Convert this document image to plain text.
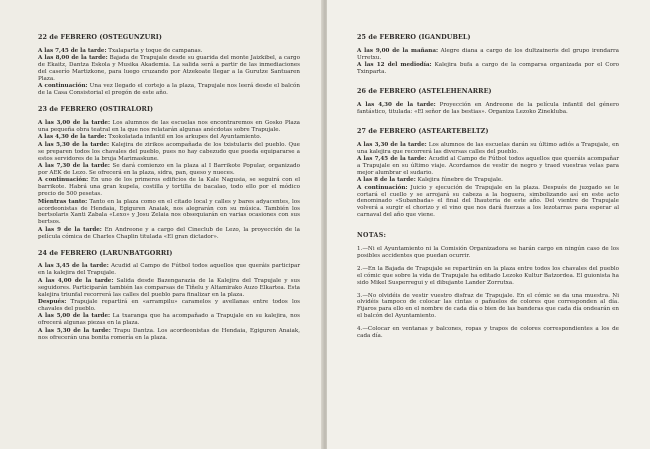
22 de FEBRERO (OSTEGUNZURI)
A las 7,45 de la tarde: Txalaparta y toque de campanas.
A las 8,00 de la tarde: Bajada de Trapujale desde su guarida del monte Jaizkibel, a cargo de Ekaitz, Dantza Eskola y Musika Akademia. La salida será a partir de las inmediaciones del caserío Martizkone, para luego cruzando por Atzekoate llegar a la Gurutze Santuaren Plaza.
A continuación: Una vez llegado el cortejo a la plaza, Trapujale nos leerá desde el balcón de la Casa Consistorial el pregón de este año.
23 de FEBRERO (OSTIRALORI)
A las 3,00 de la tarde: Los alumnos de las escuelas nos encontraremos en Gosko Plaza una pequeña obra teatral en la que nos relatarán algunas anécdotas sobre Trapujale.
A las 4,30 de la tarde: Txokolatada infantil en los arkupes del Ayuntamiento.
A las 5,30 de la tarde: Kalejira de zirikos acompañada de los txistularis del pueblo. Que se preparen todos los chavales del pueblo, pues no hay cabezudo que pueda equipararse a estos servidores de la bruja Marimaskune.
A las 7,30 de la tarde: Se dará comienzo en la plaza al I Barrikote Popular, organizado por AEK de Lezo. Se ofrecerá en la plaza, sidra, pan, queso y nueces.
A continuación: En uno de los primeros edificios de la Kale Nagusia, se seguirá con el barrikote. Habrá una gran kupela, costilla y tortilla de bacalao, todo ello por el módico precio de 500 pesetas.
Mientras tanto: Tanto en la plaza como en el citado local y calles y bares adyacentes, los acordeonistas de Hendaia, Egiguren Anaiak, nos alegrarán con su música. También los bertsolaris Xanti Zabala «Lexo» y Josu Zelaia nos obsequiarán en varias ocasiones con sus bertsos.
A las 9 de la tarde: En Andreone y a cargo del Cineclub de Lezo, la proyección de la película cómica de Charles Chaplin titulada «El gran dictador».
24 de FEBRERO (LARUNBATGORRI)
A las 3,45 de la tarde: Acudid al Campo de Fútbol todos aquellos que queráis participar en la kalejira del Trapujale.
A las 4,00 de la tarde: Salida desde Bazengarazia de la Kalejira del Trapujale y sus seguidores. Participarán también las comparsas de Tiñelu y Altamirako Auzo Elkartea. Esta kalejira triunfal recorrerá las calles del pueblo para finalizar en la plaza.
Después: Trapujale repartirá en «arrampilu» caramelos y avellanas entre todos los chavales del pueblo.
A las 5,00 de la tarde: La txaranga que ha acompañado a Trapujale en su kalejira, nos ofrecerá algunas piezas en la plaza.
A las 5,30 de la tarde: Trapu Dantza. Los acordeonistas de Hendaia, Egiguren Anaiak, nos ofrecerán una bonita romería en la plaza.
25 de FEBRERO (IGANDUBEL)
A las 9,00 de la mañana: Alegre diana a cargo de los dultzaineris del grupo irendarra Urretxu.
A las 12 del mediodía: Kalejira bufa a cargo de la comparsa organizada por el Coro Txinparta.
26 de FEBRERO (ASTELEHENARRE)
A las 4,30 de la tarde: Proyección en Andreone de la película infantil del género fantástico, titulada: «El señor de las bestias». Organiza Lezoko Zinekluba.
27 de FEBRERO (ASTEARTEBELTZ)
A las 3,30 de la tarde: Los alumnos de las escuelas darán su último adiós a Trapujale, en una kalejira que recorrerá las diversas calles del pueblo.
A las 7,45 de la tarde: Acudid al Campo de Fútbol todos aquellos que queráis acompañar a Trapujale en su último viaje. Acordamos de vestir de negro y traed vuestras velas para mejor alumbrar el sudario.
A las 8 de la tarde: Kalejira fúnebre de Trapujale.
A continuación: Juicio y ejecución de Trapujale en la plaza. Después de juzgado se le cortará el cuello y se arrojará su cabeza a la hoguera, simbolizando así en este acto denominado «Subanbada» el final del Ihauteria de este año. Del vientre de Trapujale volverá a surgir el chorizo y el vino que nos dará fuerzas a los lezotarras para esperar al carnaval del año que viene.
NOTAS:
1.—Ni el Ayuntamiento ni la Comisión Organizadora se harán cargo en ningún caso de los posibles accidentes que puedan ocurrir.
2.—En la Bajada de Trapujale se repartirán en la plaza entre todos los chavales del pueblo el cómic que sobre la vida de Trapujale ha editado Lezoko Kultur Batzordea. El guionista ha sido Mikel Susperregui y el dibujante Lander Zorrutxa.
3.—No olvidéis de vestir vuestro disfraz de Trapujale. En el cómic se da una muestra. Ni olvidéis tampoco de colocar las cintas o pañuelos de colores que corresponden al día. Fijaros para ello en el nombre de cada día o bien de las banderas que cada día ondearán en el balcón del Ayuntamiento.
4.—Colocar en ventanas y balcones, ropas y trapos de colores correspondientes a los de cada día.
